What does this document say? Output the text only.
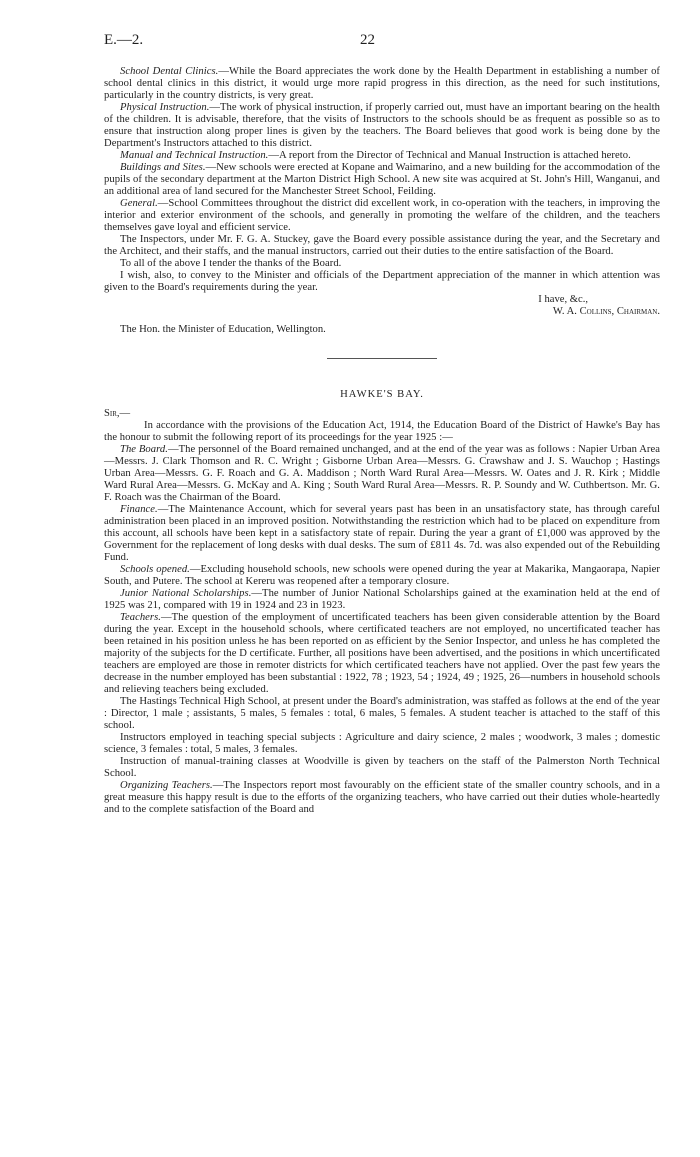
E.—2.	22

School Dental Clinics.—While the Board appreciates the work done by the Health Department in establishing a number of school dental clinics in this district, it would urge more rapid progress in this direction, as the need for such institutions, particularly in the country districts, is very great.

Physical Instruction.—The work of physical instruction, if properly carried out, must have an important bearing on the health of the children. It is advisable, therefore, that the visits of Instructors to the schools should be as frequent as possible so as to ensure that instruction along proper lines is given by the teachers. The Board believes that good work is being done by the Department's Instructors attached to this district.

Manual and Technical Instruction.—A report from the Director of Technical and Manual Instruction is attached hereto.

Buildings and Sites.—New schools were erected at Kopane and Waimarino, and a new building for the accommodation of the pupils of the secondary department at the Marton District High School. A new site was acquired at St. John's Hill, Wanganui, and an additional area of land secured for the Manchester Street School, Feilding.

General.—School Committees throughout the district did excellent work, in co-operation with the teachers, in improving the interior and exterior environment of the schools, and generally in promoting the welfare of the children, and the teachers themselves gave loyal and efficient service.

The Inspectors, under Mr. F. G. A. Stuckey, gave the Board every possible assistance during the year, and the Secretary and the Architect, and their staffs, and the manual instructors, carried out their duties to the entire satisfaction of the Board.

To all of the above I tender the thanks of the Board.

I wish, also, to convey to the Minister and officials of the Department appreciation of the manner in which attention was given to the Board's requirements during the year.

I have, &c.,

W. A. Collins, Chairman.

The Hon. the Minister of Education, Wellington.

HAWKE'S BAY.

Sir,—

In accordance with the provisions of the Education Act, 1914, the Education Board of the District of Hawke's Bay has the honour to submit the following report of its proceedings for the year 1925 :—

The Board.—The personnel of the Board remained unchanged, and at the end of the year was as follows : Napier Urban Area—Messrs. J. Clark Thomson and R. C. Wright ; Gisborne Urban Area—Messrs. G. Crawshaw and J. S. Wauchop ; Hastings Urban Area—Messrs. G. F. Roach and G. A. Maddison ; North Ward Rural Area—Messrs. W. Oates and J. R. Kirk ; Middle Ward Rural Area—Messrs. G. McKay and A. King ; South Ward Rural Area—Messrs. R. P. Soundy and W. Cuthbertson. Mr. G. F. Roach was the Chairman of the Board.

Finance.—The Maintenance Account, which for several years past has been in an unsatisfactory state, has through careful administration been placed in an improved position. Notwithstanding the restriction which had to be placed on expenditure from this account, all schools have been kept in a satisfactory state of repair. During the year a grant of £1,000 was approved by the Government for the replacement of long desks with dual desks. The sum of £811 4s. 7d. was also expended out of the Rebuilding Fund.

Schools opened.—Excluding household schools, new schools were opened during the year at Makarika, Mangaorapa, Napier South, and Putere. The school at Kereru was reopened after a temporary closure.

Junior National Scholarships.—The number of Junior National Scholarships gained at the examination held at the end of 1925 was 21, compared with 19 in 1924 and 23 in 1923.

Teachers.—The question of the employment of uncertificated teachers has been given considerable attention by the Board during the year. Except in the household schools, where certificated teachers are not employed, no uncertificated teacher has been retained in his position unless he has been reported on as efficient by the Senior Inspector, and unless he has completed the majority of the subjects for the D certificate. Further, all positions have been advertised, and the positions in which uncertificated teachers are employed are those in remoter districts for which certificated teachers have not applied. Over the past few years the decrease in the number employed has been substantial : 1922, 78 ; 1923, 54 ; 1924, 49 ; 1925, 26—numbers in household schools and relieving teachers being excluded.

The Hastings Technical High School, at present under the Board's administration, was staffed as follows at the end of the year : Director, 1 male ; assistants, 5 males, 5 females : total, 6 males, 5 females. A student teacher is attached to the staff of this school.

Instructors employed in teaching special subjects : Agriculture and dairy science, 2 males ; woodwork, 3 males ; domestic science, 3 females : total, 5 males, 3 females.

Instruction of manual-training classes at Woodville is given by teachers on the staff of the Palmerston North Technical School.

Organizing Teachers.—The Inspectors report most favourably on the efficient state of the smaller country schools, and in a great measure this happy result is due to the efforts of the organizing teachers, who have carried out their duties whole-heartedly and to the complete satisfaction of the Board and
